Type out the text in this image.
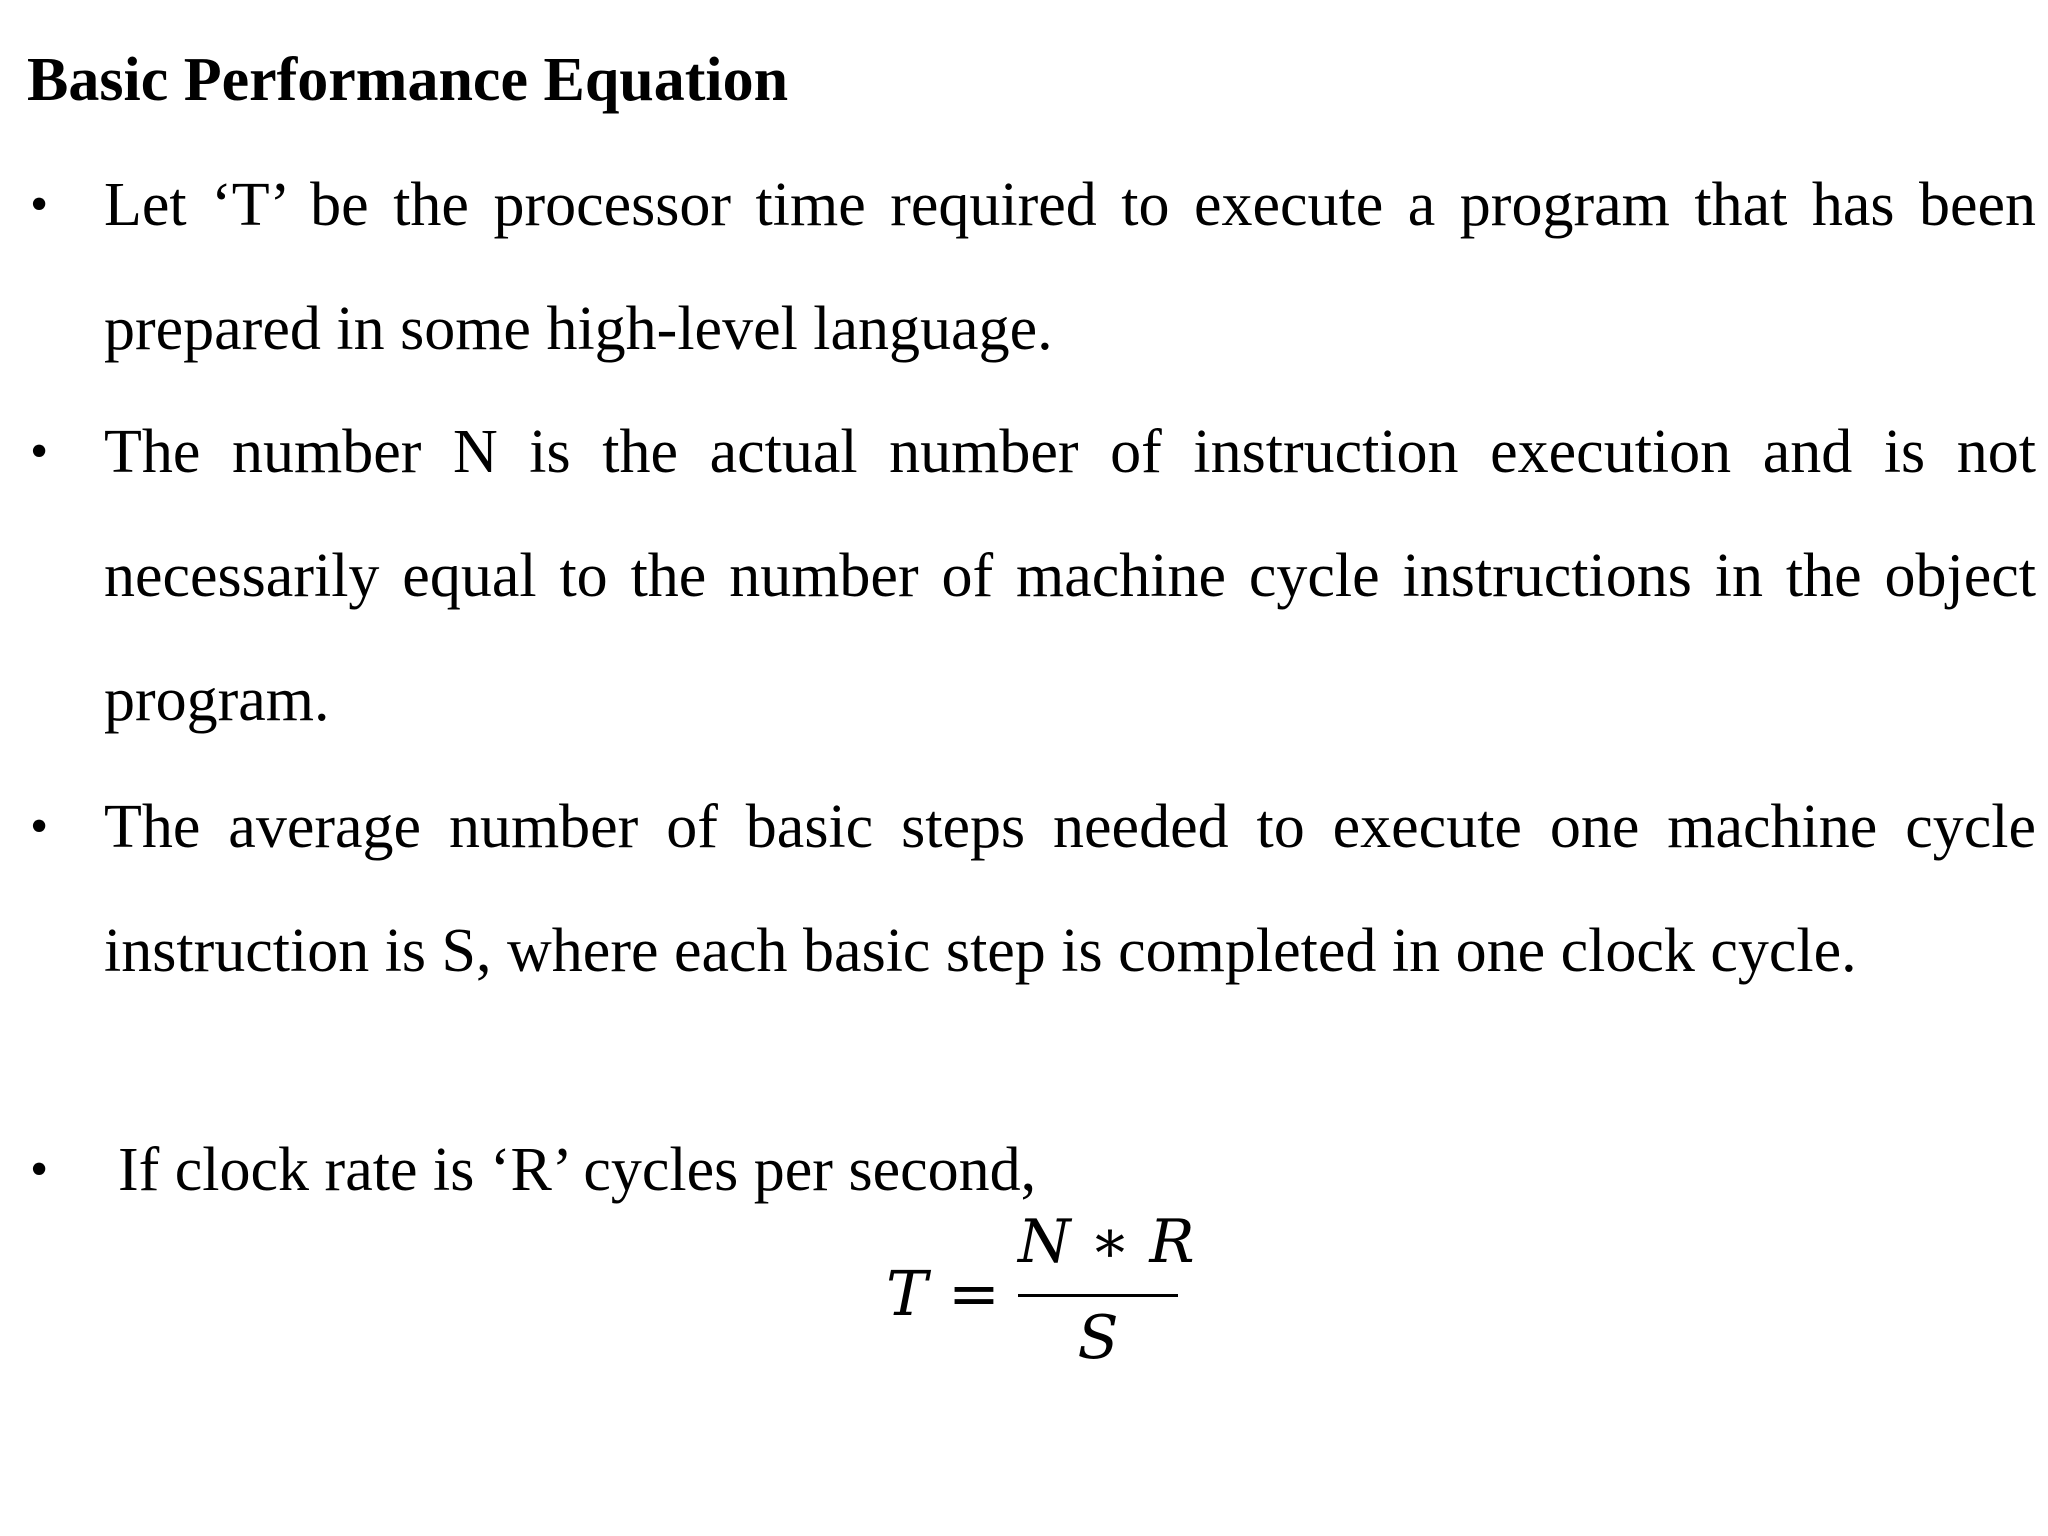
Basic Performance Equation
• Let ‘T’ be the processor time required to execute a program that has been prepared in some high-level language.
• The number N is the actual number of instruction execution and is not necessarily equal to the number of machine cycle instructions in the object program.
• The average number of basic steps needed to execute one machine cycle instruction is S, where each basic step is completed in one clock cycle.
• If clock rate is ‘R’ cycles per second,
T =
N ∗ R
S
